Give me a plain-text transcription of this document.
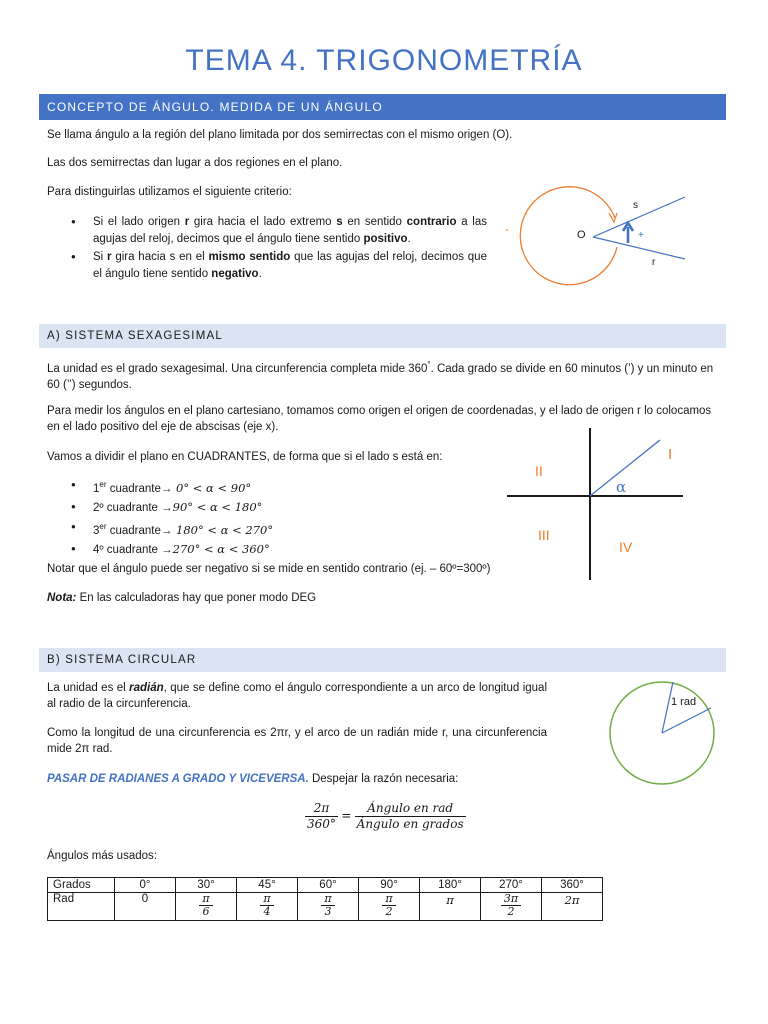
TEMA 4. TRIGONOMETRÍA
CONCEPTO DE ÁNGULO. MEDIDA DE UN ÁNGULO

Se llama ángulo a la región del plano limitada por dos semirrectas con el mismo origen (O).

Las dos semirrectas dan lugar a dos regiones en el plano.

Para distinguirlas utilizamos el siguiente criterio:

● Si el lado origen r gira hacia el lado extremo s en sentido contrario a las agujas del reloj, decimos que el ángulo tiene sentido positivo.
● Si r gira hacia s en el mismo sentido que las agujas del reloj, decimos que el ángulo tiene sentido negativo.
-	+
O
s
r
A) SISTEMA SEXAGESIMAL

La unidad es el grado sexagesimal. Una circunferencia completa mide 360°. Cada grado se divide en 60 minutos (’) y un minuto en 60 (’’) segundos.

Para medir los ángulos en el plano cartesiano, tomamos como origen el origen de coordenadas, y el lado de origen r lo colocamos en el lado positivo del eje de abscisas (eje x).

Vamos a dividir el plano en CUADRANTES, de forma que si el lado s está en:

● 1er cuadrante→ 0° < α < 90°
● 2º cuadrante →90° < α < 180°
● 3er cuadrante→ 180° < α < 270°
● 4º cuadrante →270° < α < 360°

Notar que el ángulo puede ser negativo si se mide en sentido contrario (ej. – 60º=300º)

Nota: En las calculadoras hay que poner modo DEG

I
II
III
IV
α
B) SISTEMA CIRCULAR

La unidad es el radián, que se define como el ángulo correspondiente a un arco de longitud igual al radio de la circunferencia.

Como la longitud de una circunferencia es 2πr, y el arco de un radián mide r, una circunferencia mide 2π rad.

PASAR DE RADIANES A GRADO Y VICEVERSA. Despejar la razón necesaria:

$\frac{2\pi}{360^\circ} = \frac{\text{Ángulo en rad}}{\text{Ángulo en grados}}$

Ángulos más usados:

1 rad
Grados	0°	30°	45°	60°	90°	180°	270°	360°
Rad	0	$\frac{\pi}{6}$	$\frac{\pi}{4}$	$\frac{\pi}{3}$	$\frac{\pi}{2}$	π	$\frac{3\pi}{2}$	2π
